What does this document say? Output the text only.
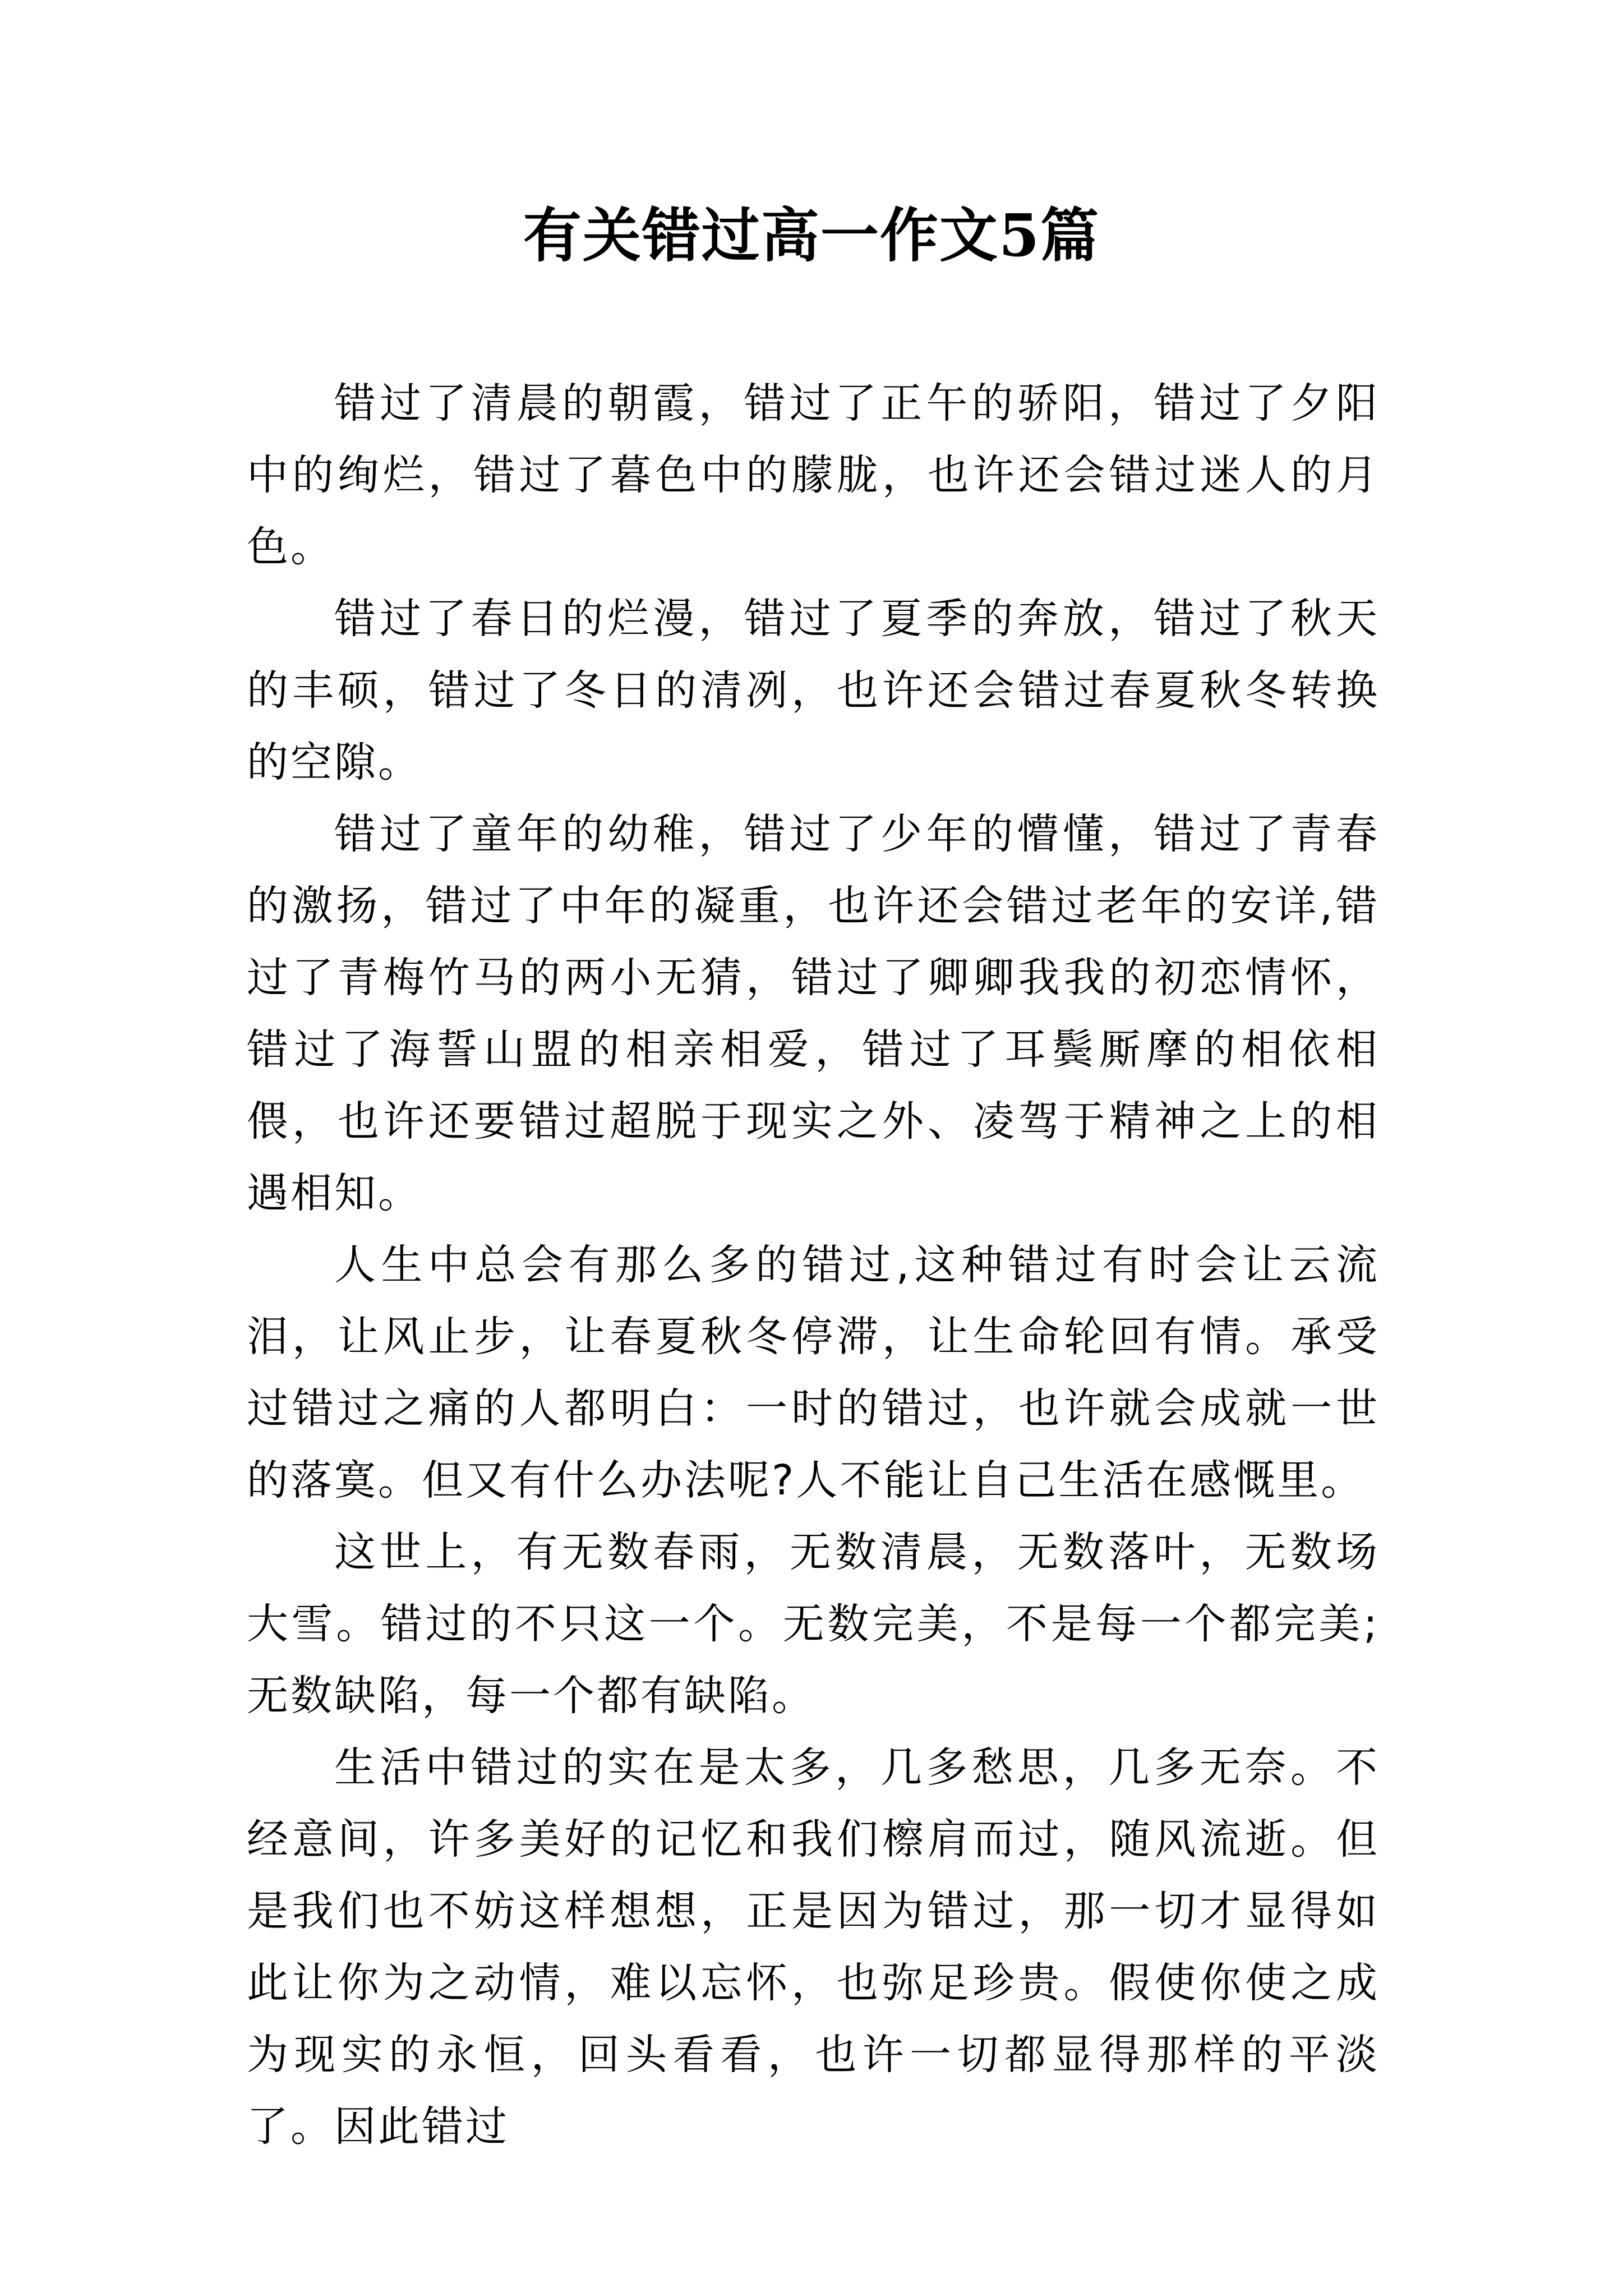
有关错过高一作文5篇

错过了清晨的朝霞，错过了正午的骄阳，错过了夕阳中的绚烂，错过了暮色中的朦胧，也许还会错过迷人的月色。

错过了春日的烂漫，错过了夏季的奔放，错过了秋天的丰硕，错过了冬日的清冽，也许还会错过春夏秋冬转换的空隙。

错过了童年的幼稚，错过了少年的懵懂，错过了青春的激扬，错过了中年的凝重，也许还会错过老年的安详,错过了青梅竹马的两小无猜，错过了卿卿我我的初恋情怀，错过了海誓山盟的相亲相爱，错过了耳鬓厮摩的相依相偎，也许还要错过超脱于现实之外、凌驾于精神之上的相遇相知。

人生中总会有那么多的错过,这种错过有时会让云流泪，让风止步，让春夏秋冬停滞，让生命轮回有情。承受过错过之痛的人都明白：一时的错过，也许就会成就一世的落寞。但又有什么办法呢?人不能让自己生活在感慨里。

这世上，有无数春雨，无数清晨，无数落叶，无数场大雪。错过的不只这一个。无数完美，不是每一个都完美;无数缺陷，每一个都有缺陷。

生活中错过的实在是太多，几多愁思，几多无奈。不经意间，许多美好的记忆和我们檫肩而过，随风流逝。但是我们也不妨这样想想，正是因为错过，那一切才显得如此让你为之动情，难以忘怀，也弥足珍贵。假使你使之成为现实的永恒，回头看看，也许一切都显得那样的平淡了。因此错过
